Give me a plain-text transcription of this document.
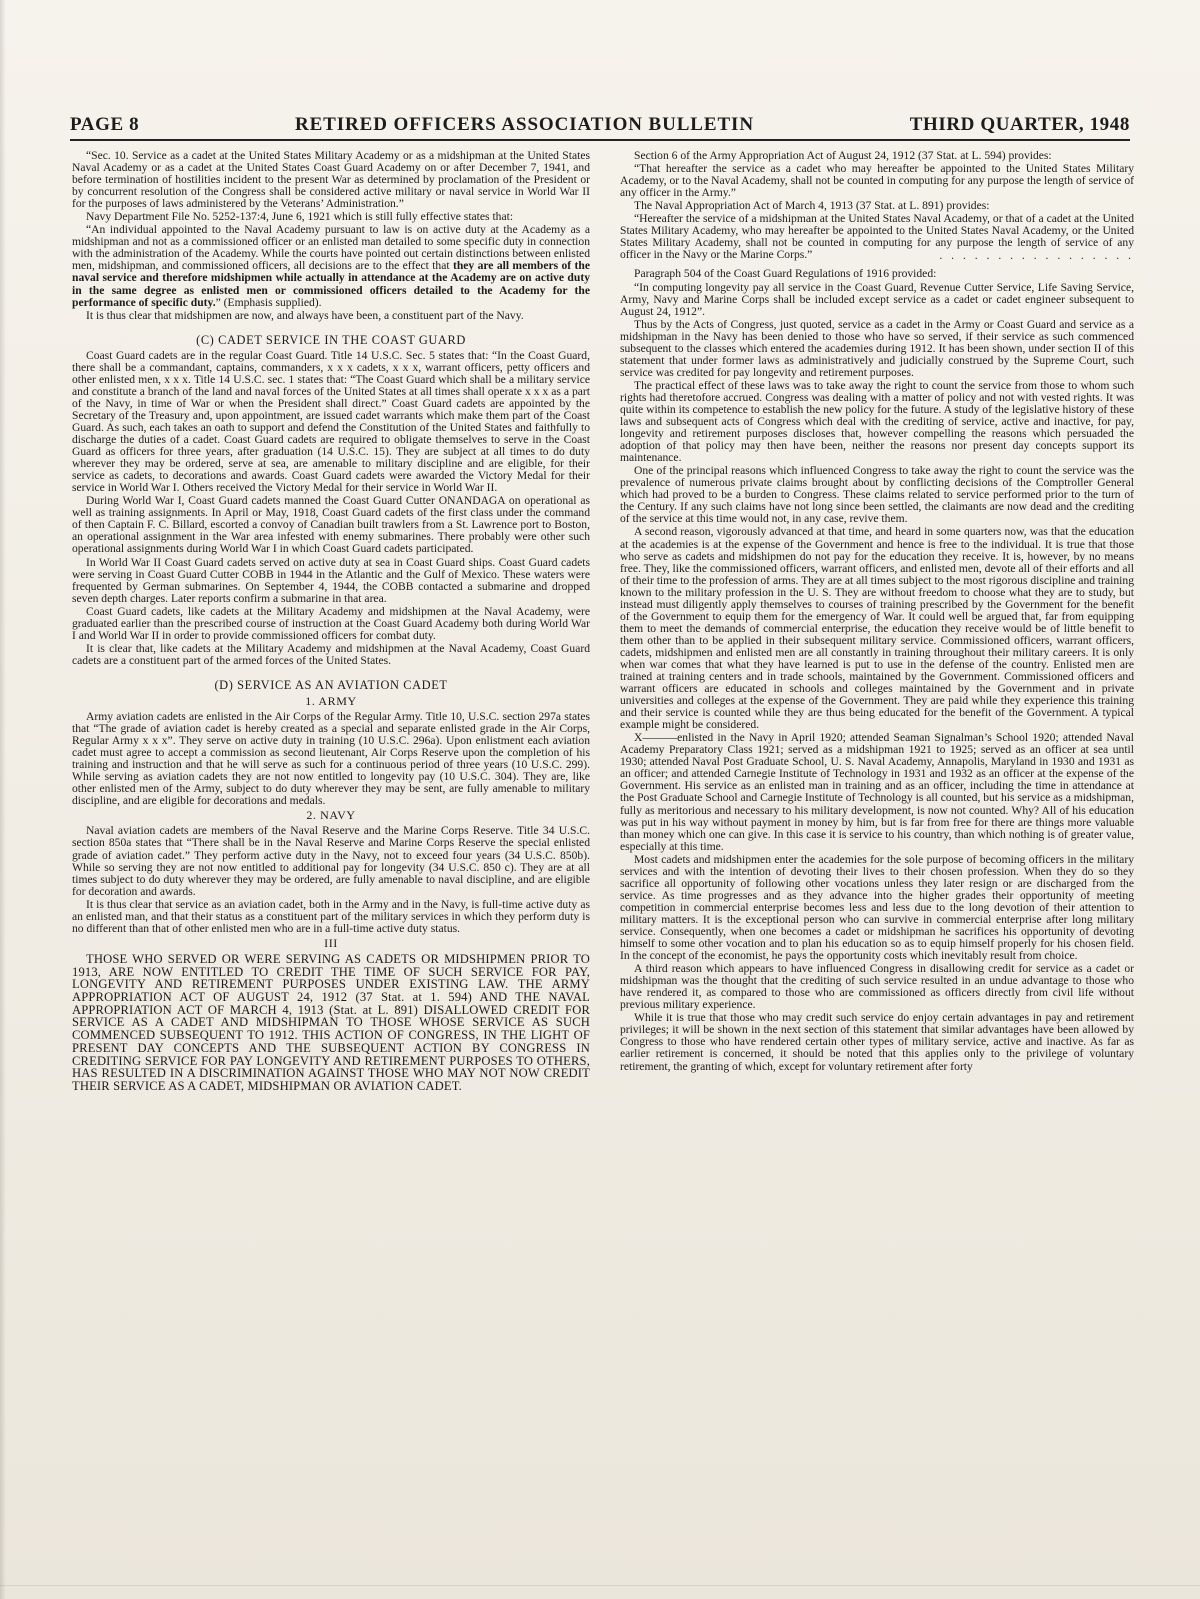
PAGE 8	RETIRED OFFICERS ASSOCIATION BULLETIN	THIRD QUARTER, 1948

“Sec. 10. Service as a cadet at the United States Military Academy or as a midshipman at the United States Naval Academy or as a cadet at the United States Coast Guard Academy on or after December 7, 1941, and before termination of hostilities incident to the present War as determined by proclamation of the President or by concurrent resolution of the Congress shall be considered active military or naval service in World War II for the purposes of laws administered by the Veterans’ Administration.”

Navy Department File No. 5252-137:4, June 6, 1921 which is still fully effective states that:

“An individual appointed to the Naval Academy pursuant to law is on active duty at the Academy as a midshipman and not as a commissioned officer or an enlisted man detailed to some specific duty in connection with the administration of the Academy. While the courts have pointed out certain distinctions between enlisted men, midshipman, and commissioned officers, all decisions are to the effect that they are all members of the naval service and therefore midshipmen while actually in attendance at the Academy are on active duty in the same degree as enlisted men or commissioned officers detailed to the Academy for the performance of specific duty.” (Emphasis supplied).

It is thus clear that midshipmen are now, and always have been, a constituent part of the Navy.

(C) CADET SERVICE IN THE COAST GUARD

Coast Guard cadets are in the regular Coast Guard. Title 14 U.S.C. Sec. 5 states that: “In the Coast Guard, there shall be a commandant, captains, commanders, x x x cadets, x x x, warrant officers, petty officers and other enlisted men, x x x. Title 14 U.S.C. sec. 1 states that: “The Coast Guard which shall be a military service and constitute a branch of the land and naval forces of the United States at all times shall operate x x x as a part of the Navy, in time of War or when the President shall direct.” Coast Guard cadets are appointed by the Secretary of the Treasury and, upon appointment, are issued cadet warrants which make them part of the Coast Guard. As such, each takes an oath to support and defend the Constitution of the United States and faithfully to discharge the duties of a cadet. Coast Guard cadets are required to obligate themselves to serve in the Coast Guard as officers for three years, after graduation (14 U.S.C. 15). They are subject at all times to do duty wherever they may be ordered, serve at sea, are amenable to military discipline and are eligible, for their service as cadets, to decorations and awards. Coast Guard cadets were awarded the Victory Medal for their service in World War I. Others received the Victory Medal for their service in World War II.

During World War I, Coast Guard cadets manned the Coast Guard Cutter ONANDAGA on operational as well as training assignments. In April or May, 1918, Coast Guard cadets of the first class under the command of then Captain F. C. Billard, escorted a convoy of Canadian built trawlers from a St. Lawrence port to Boston, an operational assignment in the War area infested with enemy submarines. There probably were other such operational assignments during World War I in which Coast Guard cadets participated.

In World War II Coast Guard cadets served on active duty at sea in Coast Guard ships. Coast Guard cadets were serving in Coast Guard Cutter COBB in 1944 in the Atlantic and the Gulf of Mexico. These waters were frequented by German submarines. On September 4, 1944, the COBB contacted a submarine and dropped seven depth charges. Later reports confirm a submarine in that area.

Coast Guard cadets, like cadets at the Military Academy and midshipmen at the Naval Academy, were graduated earlier than the prescribed course of instruction at the Coast Guard Academy both during World War I and World War II in order to provide commissioned officers for combat duty.

It is clear that, like cadets at the Military Academy and midshipmen at the Naval Academy, Coast Guard cadets are a constituent part of the armed forces of the United States.

(D) SERVICE AS AN AVIATION CADET
1. ARMY

Army aviation cadets are enlisted in the Air Corps of the Regular Army. Title 10, U.S.C. section 297a states that “The grade of aviation cadet is hereby created as a special and separate enlisted grade in the Air Corps, Regular Army x x x”. They serve on active duty in training (10 U.S.C. 296a). Upon enlistment each aviation cadet must agree to accept a commission as second lieutenant, Air Corps Reserve upon the completion of his training and instruction and that he will serve as such for a continuous period of three years (10 U.S.C. 299). While serving as aviation cadets they are not now entitled to longevity pay (10 U.S.C. 304). They are, like other enlisted men of the Army, subject to do duty wherever they may be sent, are fully amenable to military discipline, and are eligible for decorations and medals.

2. NAVY

Naval aviation cadets are members of the Naval Reserve and the Marine Corps Reserve. Title 34 U.S.C. section 850a states that “There shall be in the Naval Reserve and Marine Corps Reserve the special enlisted grade of aviation cadet.” They perform active duty in the Navy, not to exceed four years (34 U.S.C. 850b). While so serving they are not now entitled to additional pay for longevity (34 U.S.C. 850 c). They are at all times subject to do duty wherever they may be ordered, are fully amenable to naval discipline, and are eligible for decoration and awards.

It is thus clear that service as an aviation cadet, both in the Army and in the Navy, is full-time active duty as an enlisted man, and that their status as a constituent part of the military services in which they perform duty is no different than that of other enlisted men who are in a full-time active duty status.

III

THOSE WHO SERVED OR WERE SERVING AS CADETS OR MIDSHIPMEN PRIOR TO 1913, ARE NOW ENTITLED TO CREDIT THE TIME OF SUCH SERVICE FOR PAY, LONGEVITY AND RETIREMENT PURPOSES UNDER EXISTING LAW. THE ARMY APPROPRIATION ACT OF AUGUST 24, 1912 (37 Stat. at 1. 594) AND THE NAVAL APPROPRIATION ACT OF MARCH 4, 1913 (Stat. at L. 891) DISALLOWED CREDIT FOR SERVICE AS A CADET AND MIDSHIPMAN TO THOSE WHOSE SERVICE AS SUCH COMMENCED SUBSEQUENT TO 1912. THIS ACTION OF CONGRESS, IN THE LIGHT OF PRESENT DAY CONCEPTS AND THE SUBSEQUENT ACTION BY CONGRESS IN CREDITING SERVICE FOR PAY LONGEVITY AND RETIREMENT PURPOSES TO OTHERS, HAS RESULTED IN A DISCRIMINATION AGAINST THOSE WHO MAY NOT NOW CREDIT THEIR SERVICE AS A CADET, MIDSHIPMAN OR AVIATION CADET.

Section 6 of the Army Appropriation Act of August 24, 1912 (37 Stat. at L. 594) provides:

“That hereafter the service as a cadet who may hereafter be appointed to the United States Military Academy, or to the Naval Academy, shall not be counted in computing for any purpose the length of service of any officer in the Army.”

The Naval Appropriation Act of March 4, 1913 (37 Stat. at L. 891) provides:

“Hereafter the service of a midshipman at the United States Naval Academy, or that of a cadet at the United States Military Academy, who may hereafter be appointed to the United States Naval Academy, or the United States Military Academy, shall not be counted in computing for any purpose the length of service of any officer in the Navy or the Marine Corps.”	. . . . . . . . . . . . . . . . .

Paragraph 504 of the Coast Guard Regulations of 1916 provided:

“In computing longevity pay all service in the Coast Guard, Revenue Cutter Service, Life Saving Service, Army, Navy and Marine Corps shall be included except service as a cadet or cadet engineer subsequent to August 24, 1912”.

Thus by the Acts of Congress, just quoted, service as a cadet in the Army or Coast Guard and service as a midshipman in the Navy has been denied to those who have so served, if their service as such commenced subsequent to the classes which entered the academies during 1912. It has been shown, under section II of this statement that under former laws as administratively and judicially construed by the Supreme Court, such service was credited for pay longevity and retirement purposes.

The practical effect of these laws was to take away the right to count the service from those to whom such rights had theretofore accrued. Congress was dealing with a matter of policy and not with vested rights. It was quite within its competence to establish the new policy for the future. A study of the legislative history of these laws and subsequent acts of Congress which deal with the crediting of service, active and inactive, for pay, longevity and retirement purposes discloses that, however compelling the reasons which persuaded the adoption of that policy may then have been, neither the reasons nor present day concepts support its maintenance.

One of the principal reasons which influenced Congress to take away the right to count the service was the prevalence of numerous private claims brought about by conflicting decisions of the Comptroller General which had proved to be a burden to Congress. These claims related to service performed prior to the turn of the Century. If any such claims have not long since been settled, the claimants are now dead and the crediting of the service at this time would not, in any case, revive them.

A second reason, vigorously advanced at that time, and heard in some quarters now, was that the education at the academies is at the expense of the Government and hence is free to the individual. It is true that those who serve as cadets and midshipmen do not pay for the education they receive. It is, however, by no means free. They, like the commissioned officers, warrant officers, and enlisted men, devote all of their efforts and all of their time to the profession of arms. They are at all times subject to the most rigorous discipline and training known to the military profession in the U. S. They are without freedom to choose what they are to study, but instead must diligently apply themselves to courses of training prescribed by the Government for the benefit of the Government to equip them for the emergency of War. It could well be argued that, far from equipping them to meet the demands of commercial enterprise, the education they receive would be of little benefit to them other than to be applied in their subsequent military service. Commissioned officers, warrant officers, cadets, midshipmen and enlisted men are all constantly in training throughout their military careers. It is only when war comes that what they have learned is put to use in the defense of the country. Enlisted men are trained at training centers and in trade schools, maintained by the Government. Commissioned officers and warrant officers are educated in schools and colleges maintained by the Government and in private universities and colleges at the expense of the Government. They are paid while they experience this training and their service is counted while they are thus being educated for the benefit of the Government. A typical example might be considered.

X———enlisted in the Navy in April 1920; attended Seaman Signalman’s School 1920; attended Naval Academy Preparatory Class 1921; served as a midshipman 1921 to 1925; served as an officer at sea until 1930; attended Naval Post Graduate School, U. S. Naval Academy, Annapolis, Maryland in 1930 and 1931 as an officer; and attended Carnegie Institute of Technology in 1931 and 1932 as an officer at the expense of the Government. His service as an enlisted man in training and as an officer, including the time in attendance at the Post Graduate School and Carnegie Institute of Technology is all counted, but his service as a midshipman, fully as meritorious and necessary to his military development, is now not counted. Why? All of his education was put in his way without payment in money by him, but is far from free for there are things more valuable than money which one can give. In this case it is service to his country, than which nothing is of greater value, especially at this time.

Most cadets and midshipmen enter the academies for the sole purpose of becoming officers in the military services and with the intention of devoting their lives to their chosen profession. When they do so they sacrifice all opportunity of following other vocations unless they later resign or are discharged from the service. As time progresses and as they advance into the higher grades their opportunity of meeting competition in commercial enterprise becomes less and less due to the long devotion of their attention to military matters. It is the exceptional person who can survive in commercial enterprise after long military service. Consequently, when one becomes a cadet or midshipman he sacrifices his opportunity of devoting himself to some other vocation and to plan his education so as to equip himself properly for his chosen field. In the concept of the economist, he pays the opportunity costs which inevitably result from choice.

A third reason which appears to have influenced Congress in disallowing credit for service as a cadet or midshipman was the thought that the crediting of such service resulted in an undue advantage to those who have rendered it, as compared to those who are commissioned as officers directly from civil life without previous military experience.

While it is true that those who may credit such service do enjoy certain advantages in pay and retirement privileges; it will be shown in the next section of this statement that similar advantages have been allowed by Congress to those who have rendered certain other types of military service, active and inactive. As far as earlier retirement is concerned, it should be noted that this applies only to the privilege of voluntary retirement, the granting of which, except for voluntary retirement after forty
